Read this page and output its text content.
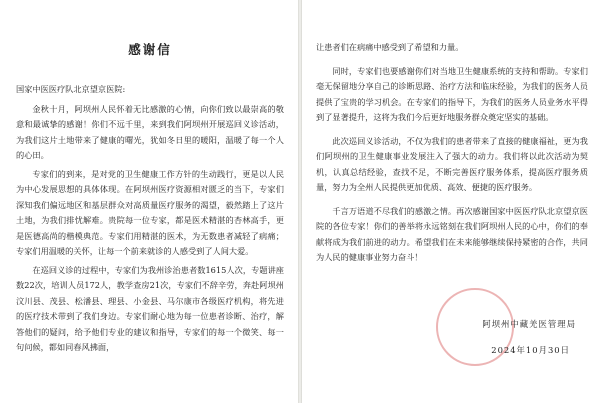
感谢信
国家中医医疗队北京望京医院:

金秋十月，阿坝州人民怀着无比感激的心情，向你们致以最崇高的敬意和最诚挚的感谢！你们不远千里，来到我们阿坝州开展巡回义诊活动，为我们这片土地带来了健康的曙光，犹如冬日里的暖阳，温暖了每一个人的心田。

专家们的到来，是对党的卫生健康工作方针的生动践行，更是以人民为中心发展思想的具体体现。在阿坝州医疗资源相对匮乏的当下，专家们深知我们偏远地区和基层群众对高质量医疗服务的渴望，毅然踏上了这片土地，为我们排忧解难。贵院每一位专家，都是医术精湛的杏林高手，更是医德高尚的楷模典范。专家们用精湛的医术，为无数患者减轻了病痛；专家们用温暖的关怀，让每一个前来就诊的人感受到了人间大爱。

在巡回义诊的过程中，专家们为我州诊治患者数1615人次，专题讲座数22次，培训人员172人，教学查房21次，专家们不辞辛劳，奔赴阿坝州汶川县、茂县、松潘县、理县、小金县、马尔康市各级医疗机构，将先进的医疗技术带到了我们身边。专家们耐心地为每一位患者诊断、治疗，解答他们的疑问，给予他们专业的建议和指导，专家们的每一个微笑、每一句问候，都如同春风拂面，

让患者们在病痛中感受到了希望和力量。

同时，专家们也要感谢你们对当地卫生健康系统的支持和帮助。专家们毫无保留地分享自己的诊断思路、治疗方法和临床经验，为我们的医务人员提供了宝贵的学习机会。在专家们的指导下，为我们的医务人员业务水平得到了显著提升，这将为我们今后更好地服务群众奠定坚实的基础。

此次巡回义诊活动，不仅为我们的患者带来了直接的健康福祉，更为我们阿坝州的卫生健康事业发展注入了强大的动力。我们将以此次活动为契机，认真总结经验，查找不足，不断完善医疗服务体系，提高医疗服务质量，努力为全州人民提供更加优质、高效、便捷的医疗服务。

千言万语道不尽我们的感激之情。再次感谢国家中医医疗队北京望京医院的各位专家！你们的善举将永远铭刻在我们阿坝州人民的心中，你们的奉献将成为我们前进的动力。希望我们在未来能够继续保持紧密的合作，共同为人民的健康事业努力奋斗！

阿坝州中藏羌医管理局
2024年10月30日
